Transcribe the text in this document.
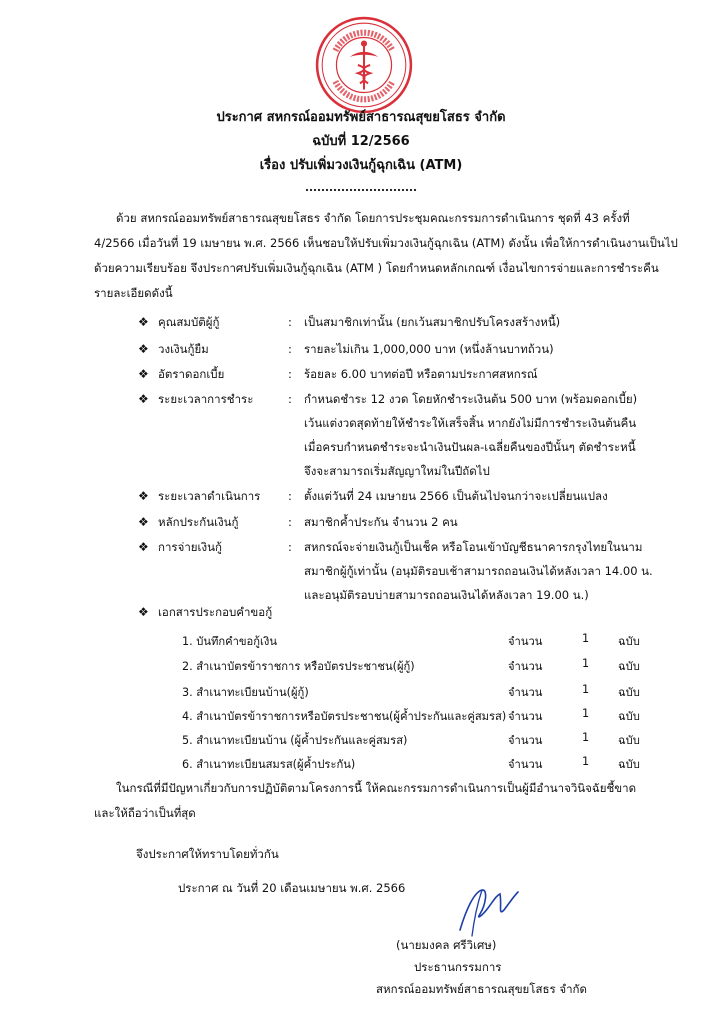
ประกาศ สหกรณ์ออมทรัพย์สาธารณสุขยโสธร จำกัด
ฉบับที่ 12/2566
เรื่อง ปรับเพิ่มวงเงินกู้ฉุกเฉิน (ATM)
ด้วย สหกรณ์ออมทรัพย์สาธารณสุขยโสธร จำกัด โดยการประชุมคณะกรรมการดำเนินการ ชุดที่ 43 ครั้งที่
4/2566 เมื่อวันที่ 19 เมษายน พ.ศ. 2566 เห็นชอบให้ปรับเพิ่มวงเงินกู้ฉุกเฉิน (ATM) ดังนั้น เพื่อให้การดำเนินงานเป็นไป
ด้วยความเรียบร้อย จึงประกาศปรับเพิ่มเงินกู้ฉุกเฉิน (ATM ) โดยกำหนดหลักเกณฑ์ เงื่อนไขการจ่ายและการชำระคืน
รายละเอียดดังนี้
❖ คุณสมบัติผู้กู้	: เป็นสมาชิกเท่านั้น (ยกเว้นสมาชิกปรับโครงสร้างหนี้)
❖ วงเงินกู้ยืม	: รายละไม่เกิน 1,000,000 บาท (หนึ่งล้านบาทถ้วน)
❖ อัตราดอกเบี้ย	: ร้อยละ 6.00 บาทต่อปี หรือตามประกาศสหกรณ์
❖ ระยะเวลาการชำระ	: กำหนดชำระ 12 งวด โดยหักชำระเงินต้น 500 บาท (พร้อมดอกเบี้ย)
เว้นแต่งวดสุดท้ายให้ชำระให้เสร็จสิ้น หากยังไม่มีการชำระเงินต้นคืน
เมื่อครบกำหนดชำระจะนำเงินปันผล-เฉลี่ยคืนของปีนั้นๆ ตัดชำระหนี้
จึงจะสามารถเริ่มสัญญาใหม่ในปีถัดไป
❖ ระยะเวลาดำเนินการ : ตั้งแต่วันที่ 24 เมษายน 2566 เป็นต้นไปจนกว่าจะเปลี่ยนแปลง
❖ หลักประกันเงินกู้	: สมาชิกค้ำประกัน จำนวน 2 คน
❖ การจ่ายเงินกู้	: สหกรณ์จะจ่ายเงินกู้เป็นเช็ค หรือโอนเข้าบัญชีธนาคารกรุงไทยในนาม
สมาชิกผู้กู้เท่านั้น (อนุมัติรอบเช้าสามารถถอนเงินได้หลังเวลา 14.00 น.
และอนุมัติรอบบ่ายสามารถถอนเงินได้หลังเวลา 19.00 น.)
❖ เอกสารประกอบคำขอกู้
1. บันทึกคำขอกู้เงิน	จำนวน	1	ฉบับ
2. สำเนาบัตรข้าราชการ หรือบัตรประชาชน(ผู้กู้)	จำนวน	1	ฉบับ
3. สำเนาทะเบียนบ้าน(ผู้กู้)	จำนวน	1	ฉบับ
4. สำเนาบัตรข้าราชการหรือบัตรประชาชน(ผู้ค้ำประกันและคู่สมรส) จำนวน	1	ฉบับ
5. สำเนาทะเบียนบ้าน (ผู้ค้ำประกันและคู่สมรส)	จำนวน	1	ฉบับ
6. สำเนาทะเบียนสมรส(ผู้ค้ำประกัน)	จำนวน	1	ฉบับ
ในกรณีที่มีปัญหาเกี่ยวกับการปฏิบัติตามโครงการนี้ ให้คณะกรรมการดำเนินการเป็นผู้มีอำนาจวินิจฉัยชี้ขาด
และให้ถือว่าเป็นที่สุด
จึงประกาศให้ทราบโดยทั่วกัน
ประกาศ ณ วันที่ 20 เดือนเมษายน พ.ศ. 2566
(นายมงคล ศรีวิเศษ)
ประธานกรรมการ
สหกรณ์ออมทรัพย์สาธารณสุขยโสธร จำกัด
